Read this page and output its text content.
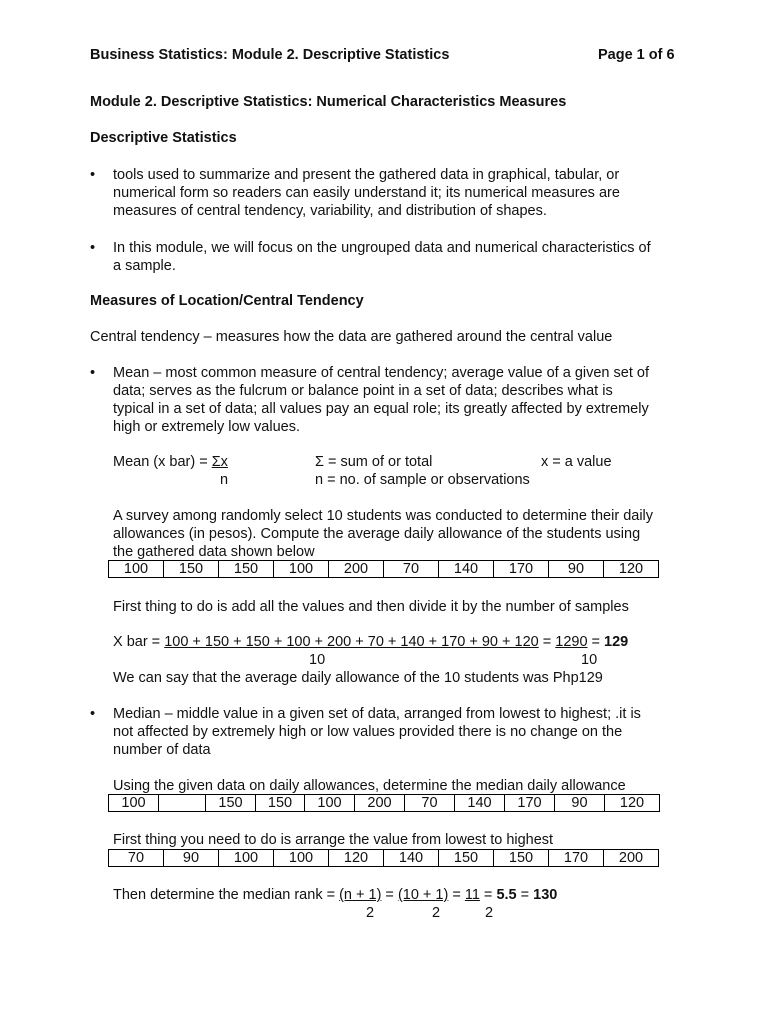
Business Statistics: Module 2. Descriptive Statistics	Page 1 of 6
Module 2. Descriptive Statistics: Numerical Characteristics Measures
Descriptive Statistics
• tools used to summarize and present the gathered data in graphical, tabular, or
numerical form so readers can easily understand it; its numerical measures are
measures of central tendency, variability, and distribution of shapes.
• In this module, we will focus on the ungrouped data and numerical characteristics of
a sample.
Measures of Location/Central Tendency
Central tendency – measures how the data are gathered around the central value
• Mean – most common measure of central tendency; average value of a given set of
data; serves as the fulcrum or balance point in a set of data; describes what is
typical in a set of data; all values pay an equal role; its greatly affected by extremely
high or extremely low values.
Mean (x bar) = Σx
n
Σ = sum of or total
n = no. of sample or observations
x = a value
A survey among randomly select 10 students was conducted to determine their daily
allowances (in pesos). Compute the average daily allowance of the students using
the gathered data shown below
100	150	150	100	200	70	140	170	90	120
First thing to do is add all the values and then divide it by the number of samples
X bar = 100 + 150 + 150 + 100 + 200 + 70 + 140 + 170 + 90 + 120 = 1290 = 129
10	10
We can say that the average daily allowance of the 10 students was Php129
• Median – middle value in a given set of data, arranged from lowest to highest; .it is
not affected by extremely high or low values provided there is no change on the
number of data
Using the given data on daily allowances, determine the median daily allowance
100		150	150	100	200	70	140	170	90	120
First thing you need to do is arrange the value from lowest to highest
70	90	100	100	120	140	150	150	170	200
Then determine the median rank = (n + 1) = (10 + 1) = 11 = 5.5 = 130
2	2	2
